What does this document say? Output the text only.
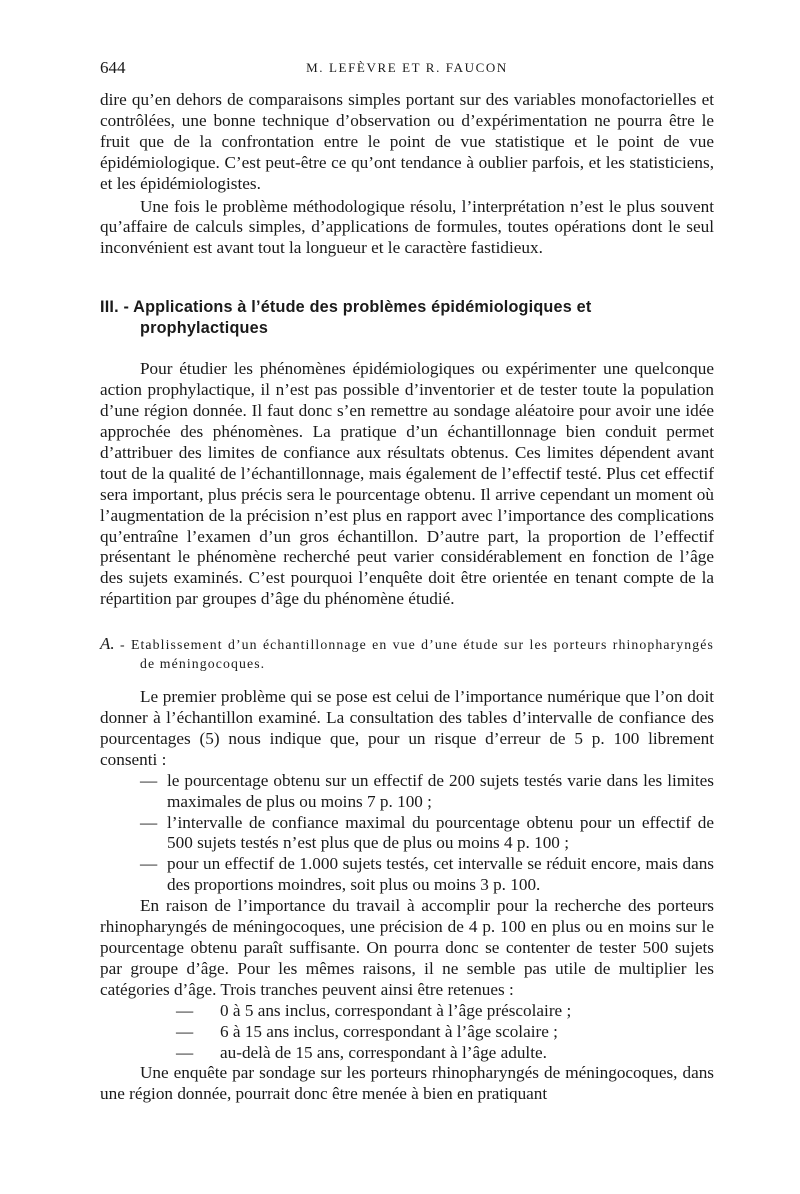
644	M. LEFÈVRE ET R. FAUCON

dire qu’en dehors de comparaisons simples portant sur des variables monofactorielles et contrôlées, une bonne technique d’observation ou d’expérimentation ne pourra être le fruit que de la confrontation entre le point de vue statistique et le point de vue épidémiologique. C’est peut-être ce qu’ont tendance à oublier parfois, et les statisticiens, et les épidémiologistes.

Une fois le problème méthodologique résolu, l’interprétation n’est le plus souvent qu’affaire de calculs simples, d’applications de formules, toutes opérations dont le seul inconvénient est avant tout la longueur et le caractère fastidieux.

III. - Applications à l’étude des problèmes épidémiologiques et prophylactiques

Pour étudier les phénomènes épidémiologiques ou expérimenter une quelconque action prophylactique, il n’est pas possible d’inventorier et de tester toute la population d’une région donnée. Il faut donc s’en remettre au sondage aléatoire pour avoir une idée approchée des phénomènes. La pratique d’un échantillonnage bien conduit permet d’attribuer des limites de confiance aux résultats obtenus. Ces limites dépendent avant tout de la qualité de l’échantillonnage, mais également de l’effectif testé. Plus cet effectif sera important, plus précis sera le pourcentage obtenu. Il arrive cependant un moment où l’augmentation de la précision n’est plus en rapport avec l’importance des complications qu’entraîne l’examen d’un gros échantillon. D’autre part, la proportion de l’effectif présentant le phénomène recherché peut varier considérablement en fonction de l’âge des sujets examinés. C’est pourquoi l’enquête doit être orientée en tenant compte de la répartition par groupes d’âge du phénomène étudié.

A. - Etablissement d’un échantillonnage en vue d’une étude sur les porteurs rhinopharyngés de méningocoques.

Le premier problème qui se pose est celui de l’importance numérique que l’on doit donner à l’échantillon examiné. La consultation des tables d’intervalle de confiance des pourcentages (5) nous indique que, pour un risque d’erreur de 5 p. 100 librement consenti :

— le pourcentage obtenu sur un effectif de 200 sujets testés varie dans les limites maximales de plus ou moins 7 p. 100 ;
— l’intervalle de confiance maximal du pourcentage obtenu pour un effectif de 500 sujets testés n’est plus que de plus ou moins 4 p. 100 ;
— pour un effectif de 1.000 sujets testés, cet intervalle se réduit encore, mais dans des proportions moindres, soit plus ou moins 3 p. 100.

En raison de l’importance du travail à accomplir pour la recherche des porteurs rhinopharyngés de méningocoques, une précision de 4 p. 100 en plus ou en moins sur le pourcentage obtenu paraît suffisante. On pourra donc se contenter de tester 500 sujets par groupe d’âge. Pour les mêmes raisons, il ne semble pas utile de multiplier les catégories d’âge. Trois tranches peuvent ainsi être retenues :

— 0 à 5 ans inclus, correspondant à l’âge préscolaire ;
— 6 à 15 ans inclus, correspondant à l’âge scolaire ;
— au-delà de 15 ans, correspondant à l’âge adulte.

Une enquête par sondage sur les porteurs rhinopharyngés de méningocoques, dans une région donnée, pourrait donc être menée à bien en pratiquant
